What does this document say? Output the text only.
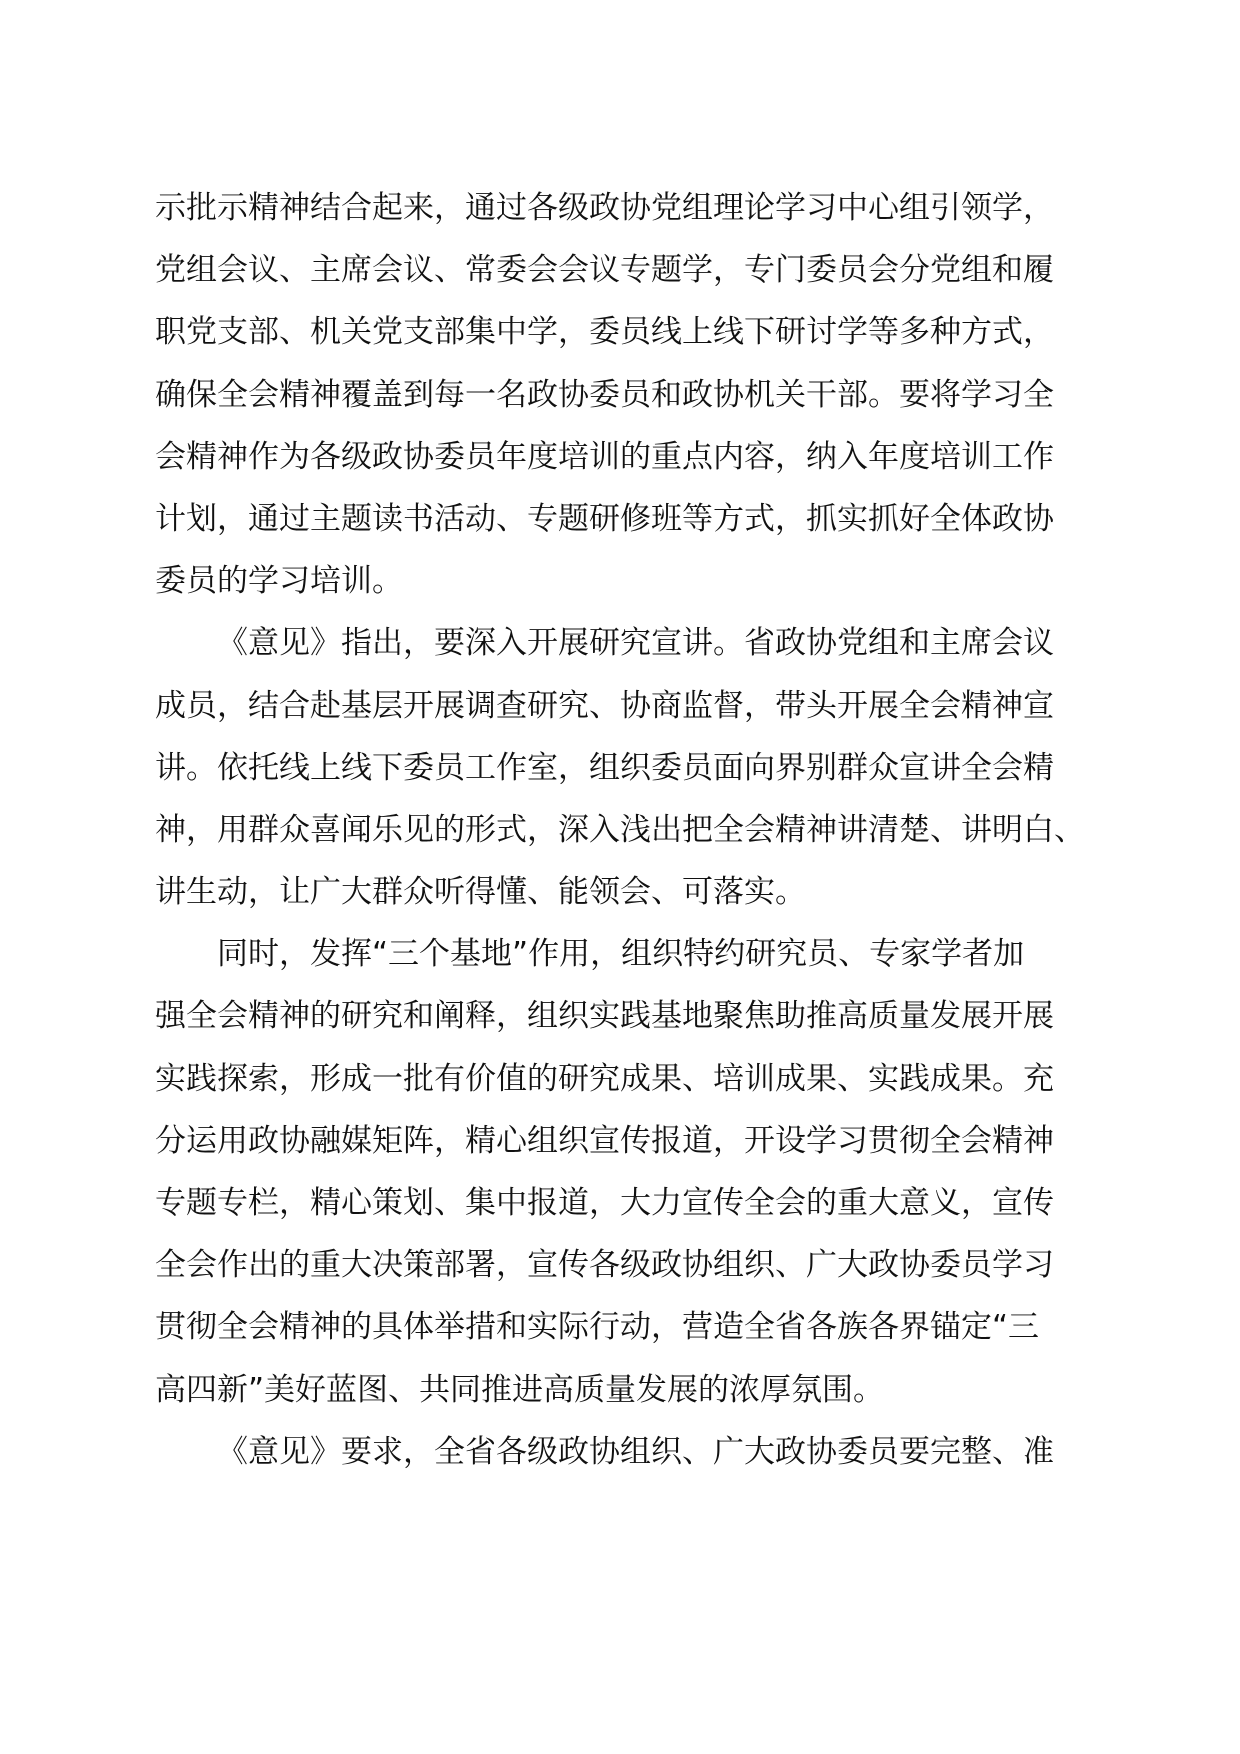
示批示精神结合起来，通过各级政协党组理论学习中心组引领学，
党组会议、主席会议、常委会会议专题学，专门委员会分党组和履
职党支部、机关党支部集中学，委员线上线下研讨学等多种方式，
确保全会精神覆盖到每一名政协委员和政协机关干部。要将学习全
会精神作为各级政协委员年度培训的重点内容，纳入年度培训工作
计划，通过主题读书活动、专题研修班等方式，抓实抓好全体政协
委员的学习培训。
《意见》指出，要深入开展研究宣讲。省政协党组和主席会议
成员，结合赴基层开展调查研究、协商监督，带头开展全会精神宣
讲。依托线上线下委员工作室，组织委员面向界别群众宣讲全会精
神，用群众喜闻乐见的形式，深入浅出把全会精神讲清楚、讲明白、
讲生动，让广大群众听得懂、能领会、可落实。
同时，发挥“三个基地”作用，组织特约研究员、专家学者加
强全会精神的研究和阐释，组织实践基地聚焦助推高质量发展开展
实践探索，形成一批有价值的研究成果、培训成果、实践成果。充
分运用政协融媒矩阵，精心组织宣传报道，开设学习贯彻全会精神
专题专栏，精心策划、集中报道，大力宣传全会的重大意义，宣传
全会作出的重大决策部署，宣传各级政协组织、广大政协委员学习
贯彻全会精神的具体举措和实际行动，营造全省各族各界锚定“三
高四新”美好蓝图、共同推进高质量发展的浓厚氛围。
《意见》要求，全省各级政协组织、广大政协委员要完整、准
